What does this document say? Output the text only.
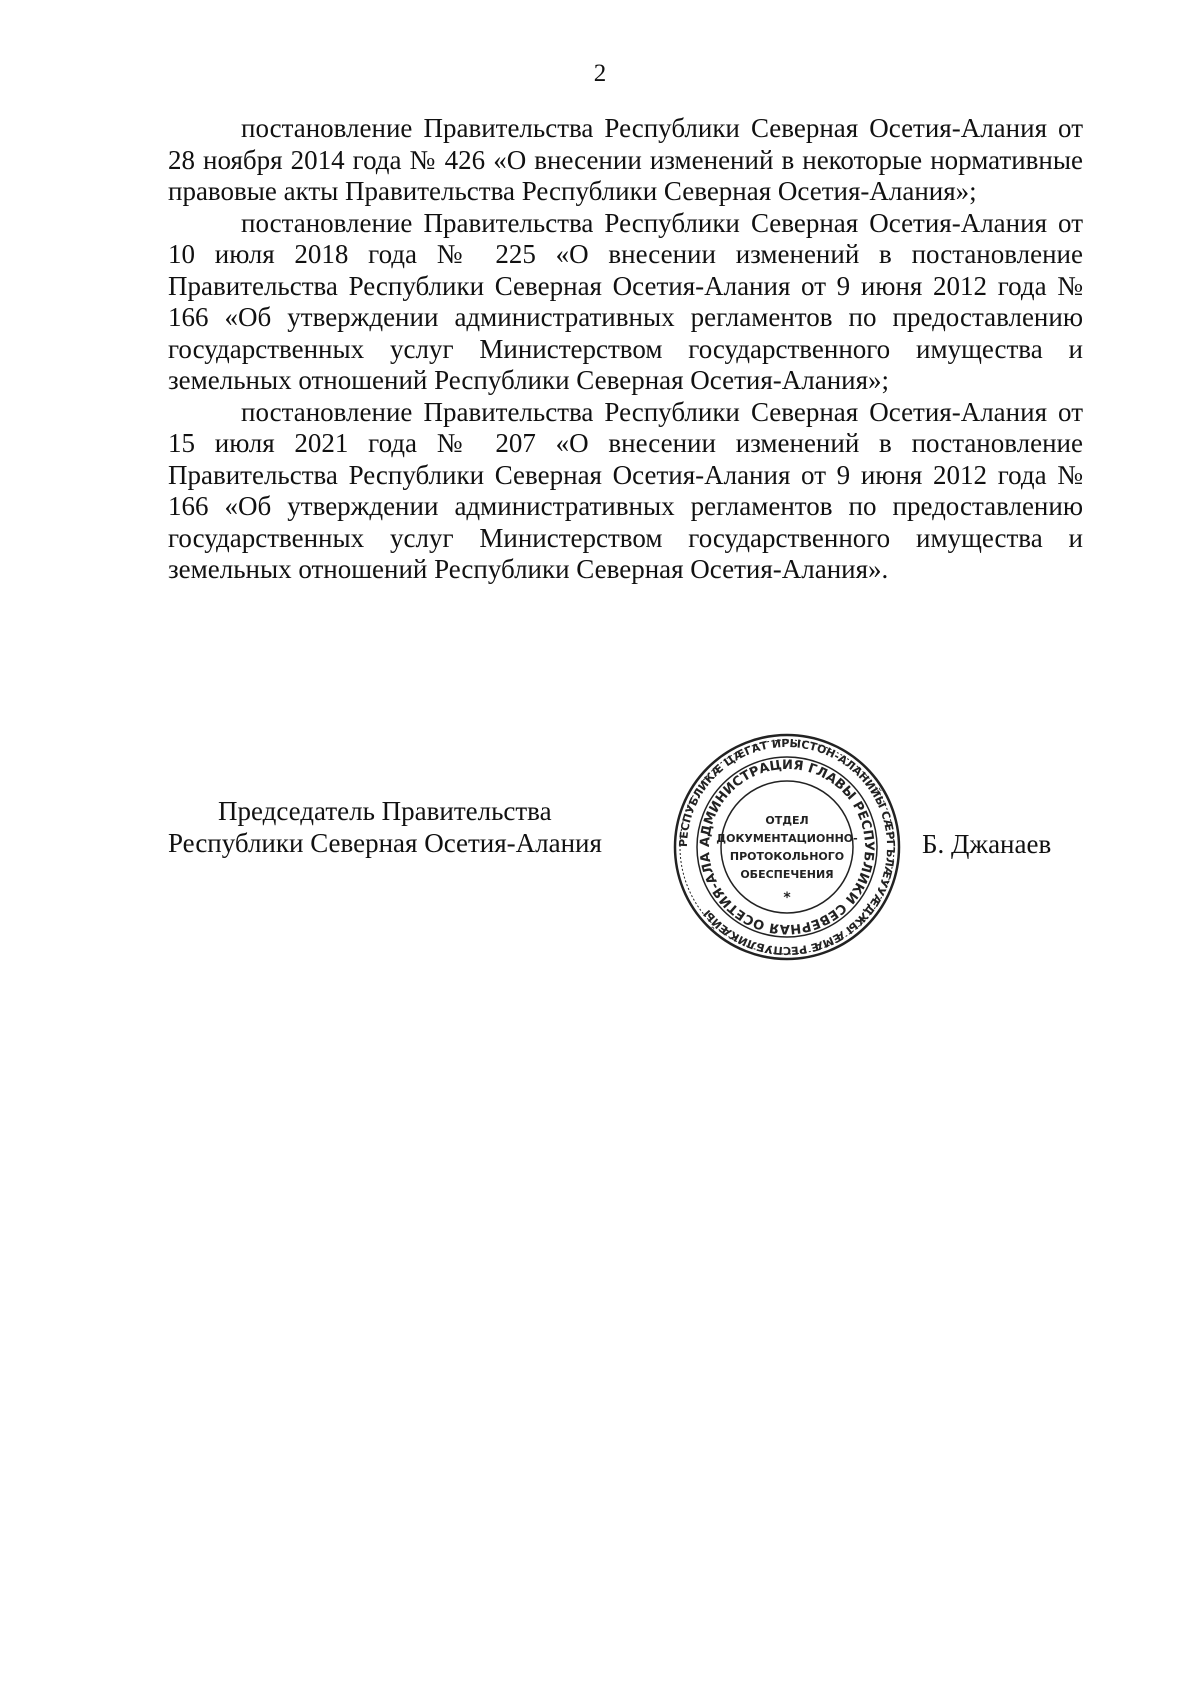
2

постановление Правительства Республики Северная Осетия-Алания от 28 ноября 2014 года № 426 «О внесении изменений в некоторые нормативные правовые акты Правительства Республики Северная Осетия-Алания»;

постановление Правительства Республики Северная Осетия-Алания от 10 июля 2018 года № 225 «О внесении изменений в постановление Правительства Республики Северная Осетия-Алания от 9 июня 2012 года № 166 «Об утверждении административных регламентов по предоставлению государственных услуг Министерством государственного имущества и земельных отношений Республики Северная Осетия-Алания»;

постановление Правительства Республики Северная Осетия-Алания от 15 июля 2021 года № 207 «О внесении изменений в постановление Правительства Республики Северная Осетия-Алания от 9 июня 2012 года № 166 «Об утверждении административных регламентов по предоставлению государственных услуг Министерством государственного имущества и земельных отношений Республики Северная Осетия-Алания».

Председатель Правительства
Республики Северная Осетия-Алания	РЕСПУБЛИКӔ ЦӔГАТ ИРЫСТОН-АЛАНИЙЫ СӔРГЪЛӔУУӔДЖЫ ӔМӔ РЕСПУБЛИКӔЙЫ
АДМИНИСТРАЦИЯ ГЛАВЫ РЕСПУБЛИКИ СЕВЕРНАЯ ОСЕТИЯ-АЛА
ОТДЕЛ
ДОКУМЕНТАЦИОННО-
ПРОТОКОЛЬНОГО
ОБЕСПЕЧЕНИЯ
*
Б. Джанаев
